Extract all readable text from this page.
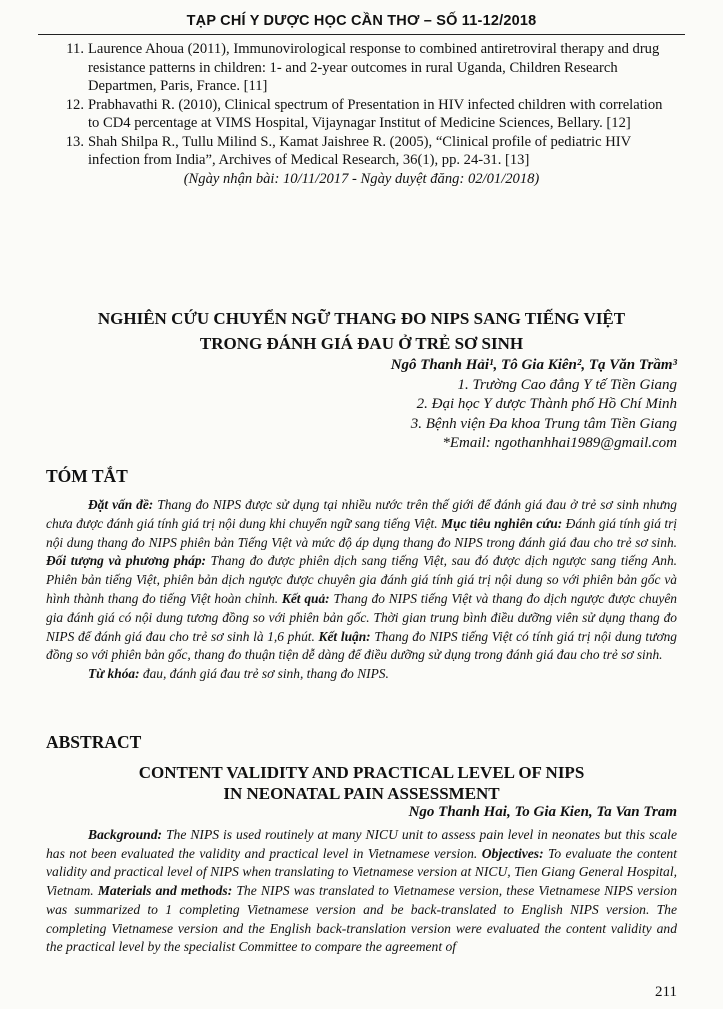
TẠP CHÍ Y DƯỢC HỌC CẦN THƠ – SỐ 11-12/2018
11. Laurence Ahoua (2011), Immunovirological response to combined antiretroviral therapy and drug resistance patterns in children: 1- and 2-year outcomes in rural Uganda, Children Research Departmen, Paris, France. [11]
12. Prabhavathi R. (2010), Clinical spectrum of Presentation in HIV infected children with correlation to CD4 percentage at VIMS Hospital, Vijaynagar Institut of Medicine Sciences, Bellary. [12]
13. Shah Shilpa R., Tullu Milind S., Kamat Jaishree R. (2005), “Clinical profile of pediatric HIV infection from India”, Archives of Medical Research, 36(1), pp. 24-31. [13]
(Ngày nhận bài: 10/11/2017 - Ngày duyệt đăng: 02/01/2018)
NGHIÊN CỨU CHUYỂN NGỮ THANG ĐO NIPS SANG TIẾNG VIỆT
TRONG ĐÁNH GIÁ ĐAU Ở TRẺ SƠ SINH
Ngô Thanh Hải¹, Tô Gia Kiên², Tạ Văn Trầm³
1. Trường Cao đẳng Y tế Tiền Giang
2. Đại học Y dược Thành phố Hồ Chí Minh
3. Bệnh viện Đa khoa Trung tâm Tiền Giang
*Email: ngothanhhai1989@gmail.com
TÓM TẮT

Đặt vấn đề: Thang đo NIPS được sử dụng tại nhiều nước trên thế giới để đánh giá đau ở trẻ sơ sinh nhưng chưa được đánh giá tính giá trị nội dung khi chuyển ngữ sang tiếng Việt. Mục tiêu nghiên cứu: Đánh giá tính giá trị nội dung thang đo NIPS phiên bản Tiếng Việt và mức độ áp dụng thang đo NIPS trong đánh giá đau cho trẻ sơ sinh. Đối tượng và phương pháp: Thang đo được phiên dịch sang tiếng Việt, sau đó được dịch ngược sang tiếng Anh. Phiên bản tiếng Việt, phiên bản dịch ngược được chuyên gia đánh giá tính giá trị nội dung so với phiên bản gốc và hình thành thang đo tiếng Việt hoàn chỉnh. Kết quả: Thang đo NIPS tiếng Việt và thang đo dịch ngược được chuyên gia đánh giá có nội dung tương đồng so với phiên bản gốc. Thời gian trung bình điều dưỡng viên sử dụng thang đo NIPS để đánh giá đau cho trẻ sơ sinh là 1,6 phút. Kết luận: Thang đo NIPS tiếng Việt có tính giá trị nội dung tương đồng so với phiên bản gốc, thang đo thuận tiện dễ dàng để điều dưỡng sử dụng trong đánh giá đau cho trẻ sơ sinh.

Từ khóa: đau, đánh giá đau trẻ sơ sinh, thang đo NIPS.

ABSTRACT
CONTENT VALIDITY AND PRACTICAL LEVEL OF NIPS
IN NEONATAL PAIN ASSESSMENT
Ngo Thanh Hai, To Gia Kien, Ta Van Tram

Background: The NIPS is used routinely at many NICU unit to assess pain level in neonates but this scale has not been evaluated the validity and practical level in Vietnamese version. Objectives: To evaluate the content validity and practical level of NIPS when translating to Vietnamese version at NICU, Tien Giang General Hospital, Vietnam. Materials and methods: The NIPS was translated to Vietnamese version, these Vietnamese NIPS version was summarized to 1 completing Vietnamese version and be back-translated to English NIPS version. The completing Vietnamese version and the English back-translation version were evaluated the content validity and the practical level by the specialist Committee to compare the agreement of

211
